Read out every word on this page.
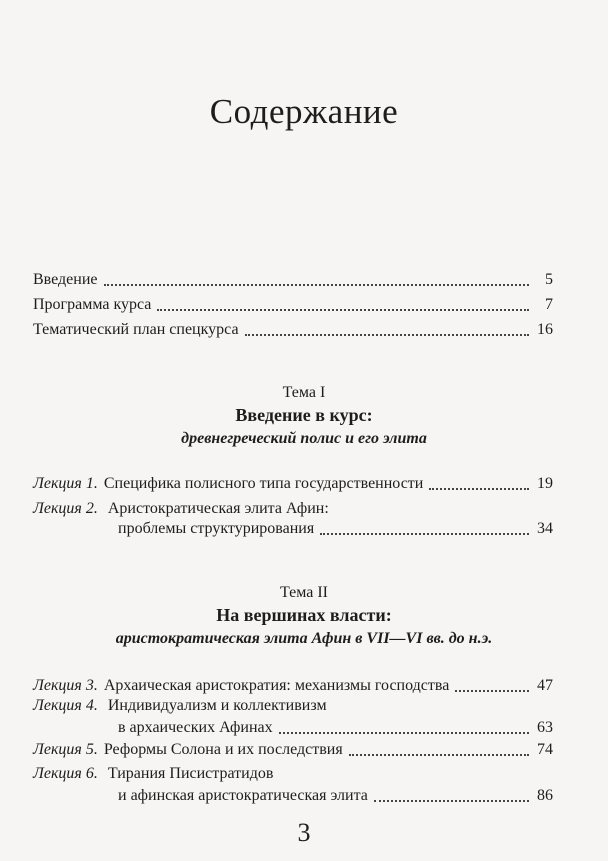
Содержание
Введение	5
Программа курса	7
Тематический план спецкурса	16
Тема I
Введение в курс:
древнегреческий полис и его элита
Лекция 1. Специфика полисного типа государственности	19
Лекция 2. Аристократическая элита Афин:
проблемы структурирования	34
Тема II
На вершинах власти:
аристократическая элита Афин в VII—VI вв. до н.э.
Лекция 3. Архаическая аристократия: механизмы господства	47
Лекция 4. Индивидуализм и коллективизм
в архаических Афинах	63
Лекция 5. Реформы Солона и их последствия	74
Лекция 6. Тирания Писистратидов
и афинская аристократическая элита	86
3
